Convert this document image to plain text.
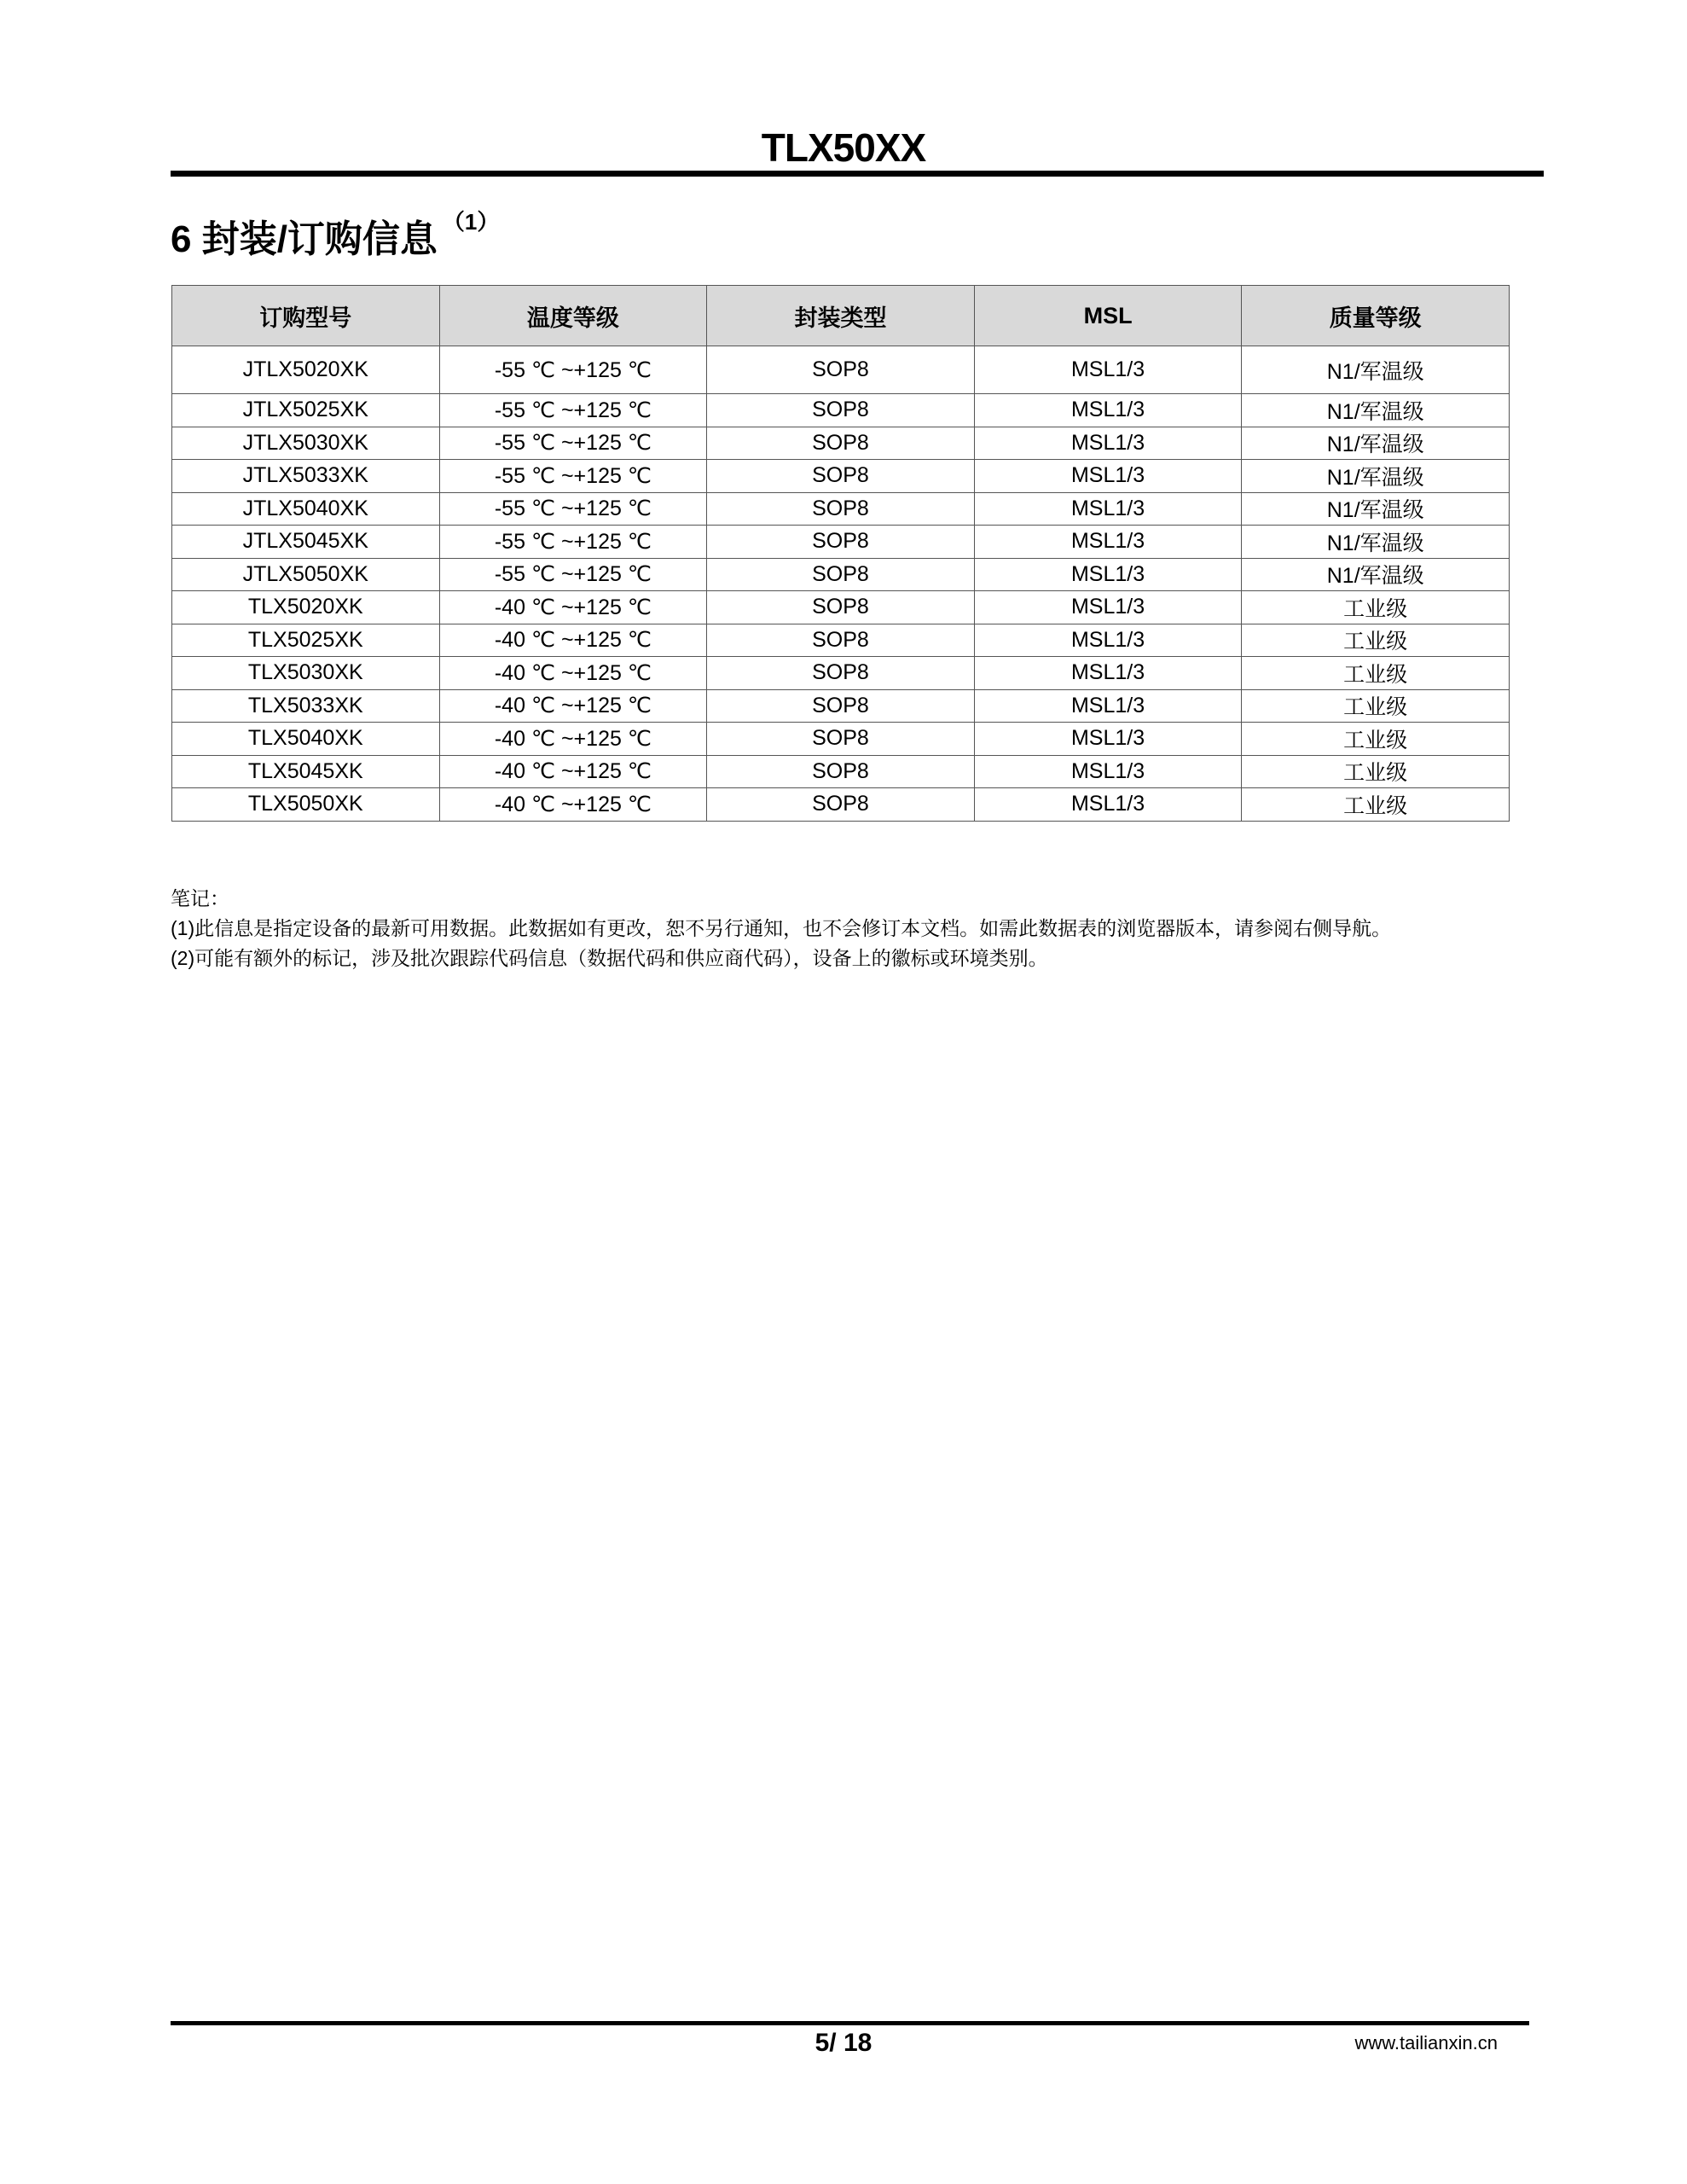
TLX50XX
6 封装/订购信息 $^{(1)}$
订购型号	温度等级	封装类型	MSL	质量等级
JTLX5020XK	-55 ℃ ~+125 ℃	SOP8	MSL1/3	N1/军温级
JTLX5025XK	-55 ℃ ~+125 ℃	SOP8	MSL1/3	N1/军温级
JTLX5030XK	-55 ℃ ~+125 ℃	SOP8	MSL1/3	N1/军温级
JTLX5033XK	-55 ℃ ~+125 ℃	SOP8	MSL1/3	N1/军温级
JTLX5040XK	-55 ℃ ~+125 ℃	SOP8	MSL1/3	N1/军温级
JTLX5045XK	-55 ℃ ~+125 ℃	SOP8	MSL1/3	N1/军温级
JTLX5050XK	-55 ℃ ~+125 ℃	SOP8	MSL1/3	N1/军温级
TLX5020XK	-40 ℃ ~+125 ℃	SOP8	MSL1/3	工业级
TLX5025XK	-40 ℃ ~+125 ℃	SOP8	MSL1/3	工业级
TLX5030XK	-40 ℃ ~+125 ℃	SOP8	MSL1/3	工业级
TLX5033XK	-40 ℃ ~+125 ℃	SOP8	MSL1/3	工业级
TLX5040XK	-40 ℃ ~+125 ℃	SOP8	MSL1/3	工业级
TLX5045XK	-40 ℃ ~+125 ℃	SOP8	MSL1/3	工业级
TLX5050XK	-40 ℃ ~+125 ℃	SOP8	MSL1/3	工业级

笔记：

(1)此信息是指定设备的最新可用数据。此数据如有更改，恕不另行通知，也不会修订本文档。如需此数据表的浏览器版本，请参阅右侧导航。

(2)可能有额外的标记，涉及批次跟踪代码信息（数据代码和供应商代码），设备上的徽标或环境类别。

5/ 18	www.tailianxin.cn
